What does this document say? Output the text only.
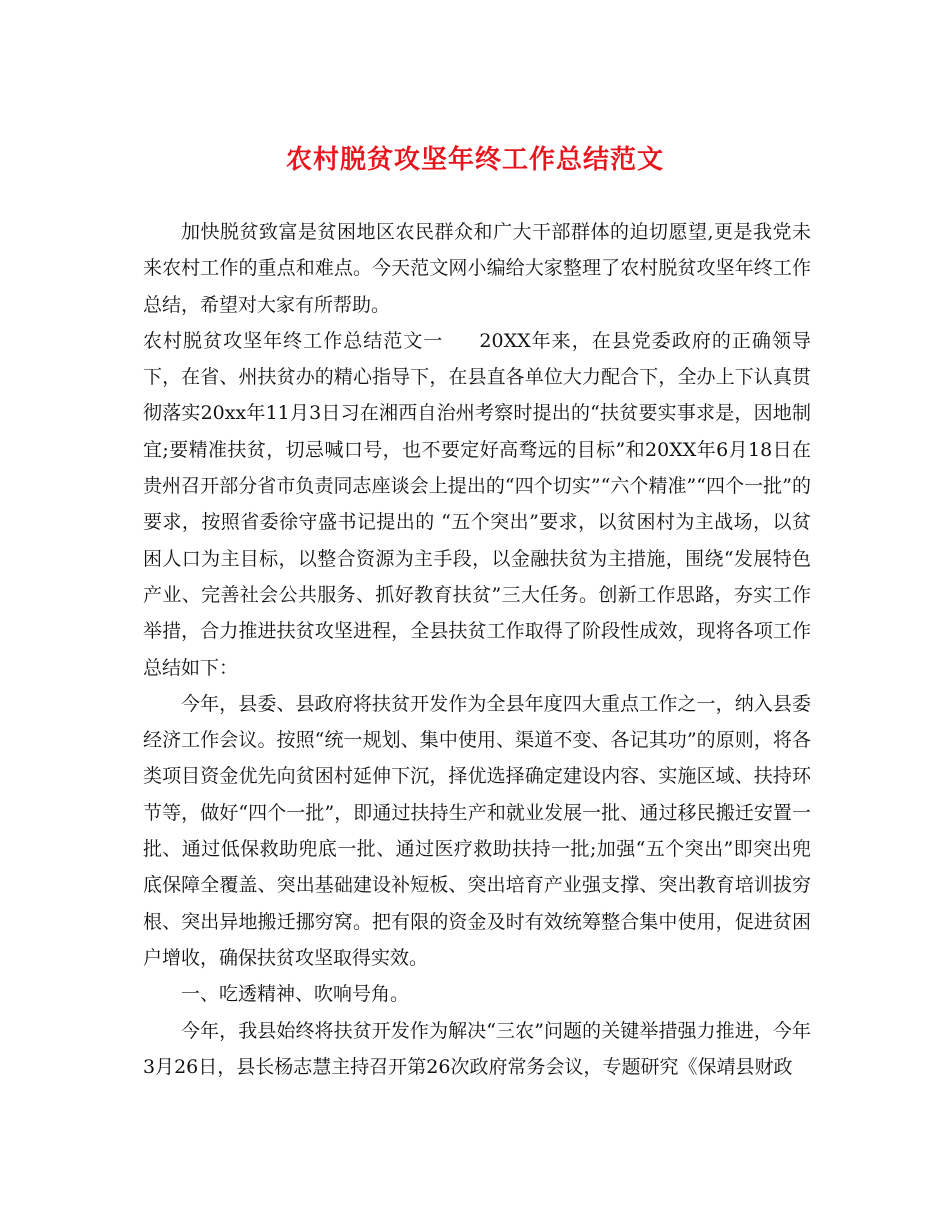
农村脱贫攻坚年终工作总结范文

加快脱贫致富是贫困地区农民群众和广大干部群体的迫切愿望,更是我党未来农村工作的重点和难点。今天范文网小编给大家整理了农村脱贫攻坚年终工作总结，希望对大家有所帮助。

农村脱贫攻坚年终工作总结范文一 20XX年来，在县党委政府的正确领导下，在省、州扶贫办的精心指导下，在县直各单位大力配合下，全办上下认真贯彻落实20xx年11月3日习在湘西自治州考察时提出的“扶贫要实事求是，因地制宜;要精准扶贫，切忌喊口号，也不要定好高骛远的目标”和20XX年6月18日在贵州召开部分省市负责同志座谈会上提出的“四个切实”“六个精准”“四个一批”的要求，按照省委徐守盛书记提出的 “五个突出”要求，以贫困村为主战场，以贫困人口为主目标，以整合资源为主手段，以金融扶贫为主措施，围绕“发展特色产业、完善社会公共服务、抓好教育扶贫”三大任务。创新工作思路，夯实工作举措，合力推进扶贫攻坚进程，全县扶贫工作取得了阶段性成效，现将各项工作总结如下：

今年，县委、县政府将扶贫开发作为全县年度四大重点工作之一，纳入县委经济工作会议。按照“统一规划、集中使用、渠道不变、各记其功”的原则，将各类项目资金优先向贫困村延伸下沉，择优选择确定建设内容、实施区域、扶持环节等，做好“四个一批”，即通过扶持生产和就业发展一批、通过移民搬迁安置一批、通过低保救助兜底一批、通过医疗救助扶持一批;加强“五个突出”即突出兜底保障全覆盖、突出基础建设补短板、突出培育产业强支撑、突出教育培训拔穷根、突出异地搬迁挪穷窝。把有限的资金及时有效统筹整合集中使用，促进贫困户增收，确保扶贫攻坚取得实效。

一、吃透精神、吹响号角。

今年，我县始终将扶贫开发作为解决“三农”问题的关键举措强力推进，今年3月26日，县长杨志慧主持召开第26次政府常务会议，专题研究《保靖县财政
